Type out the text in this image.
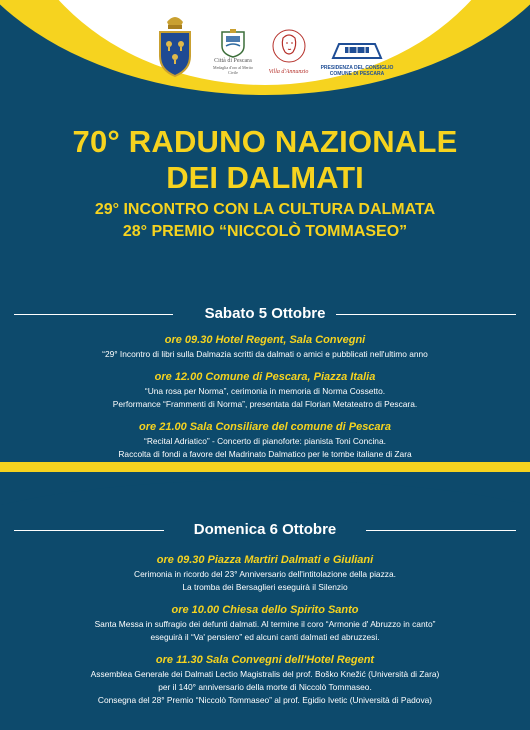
Città di Pescara
Medaglia d'oro al Merito Civile	Villa d'Annunzio
PRESIDENZA DEL CONSIGLIO
COMUNE DI PESCARA
70° RADUNO NAZIONALE
DEI DALMATI
29° INCONTRO CON LA CULTURA DALMATA
28° PREMIO “NICCOLÒ TOMMASEO”
Sabato 5 Ottobre
ore 09.30 Hotel Regent, Sala Convegni
“29° Incontro di libri sulla Dalmazia scritti da dalmati o amici e pubblicati nell'ultimo anno
ore 12.00 Comune di Pescara, Piazza Italia
“Una rosa per Norma”, cerimonia in memoria di Norma Cossetto.
Performance “Frammenti di Norma”, presentata dal Florian Metateatro di Pescara.
ore 21.00 Sala Consiliare del comune di Pescara
“Recital Adriatico” - Concerto di pianoforte: pianista Toni Concina.
Raccolta di fondi a favore del Madrinato Dalmatico per le tombe italiane di Zara
Domenica 6 Ottobre
ore 09.30 Piazza Martiri Dalmati e Giuliani
Cerimonia in ricordo del 23° Anniversario dell'intitolazione della piazza.
La tromba dei Bersaglieri eseguirà il Silenzio
ore 10.00 Chiesa dello Spirito Santo
Santa Messa in suffragio dei defunti dalmati. Al termine il coro “Armonie d' Abruzzo in canto”
eseguirà il “Va' pensiero” ed alcuni canti dalmati ed abruzzesi.
ore 11.30 Sala Convegni dell'Hotel Regent
Assemblea Generale dei Dalmati Lectio Magistralis del prof. Boško Knežić (Università di Zara)
per il 140° anniversario della morte di Niccolò Tommaseo.
Consegna del 28° Premio “Niccolò Tommaseo” al prof. Egidio Ivetic (Università di Padova)
